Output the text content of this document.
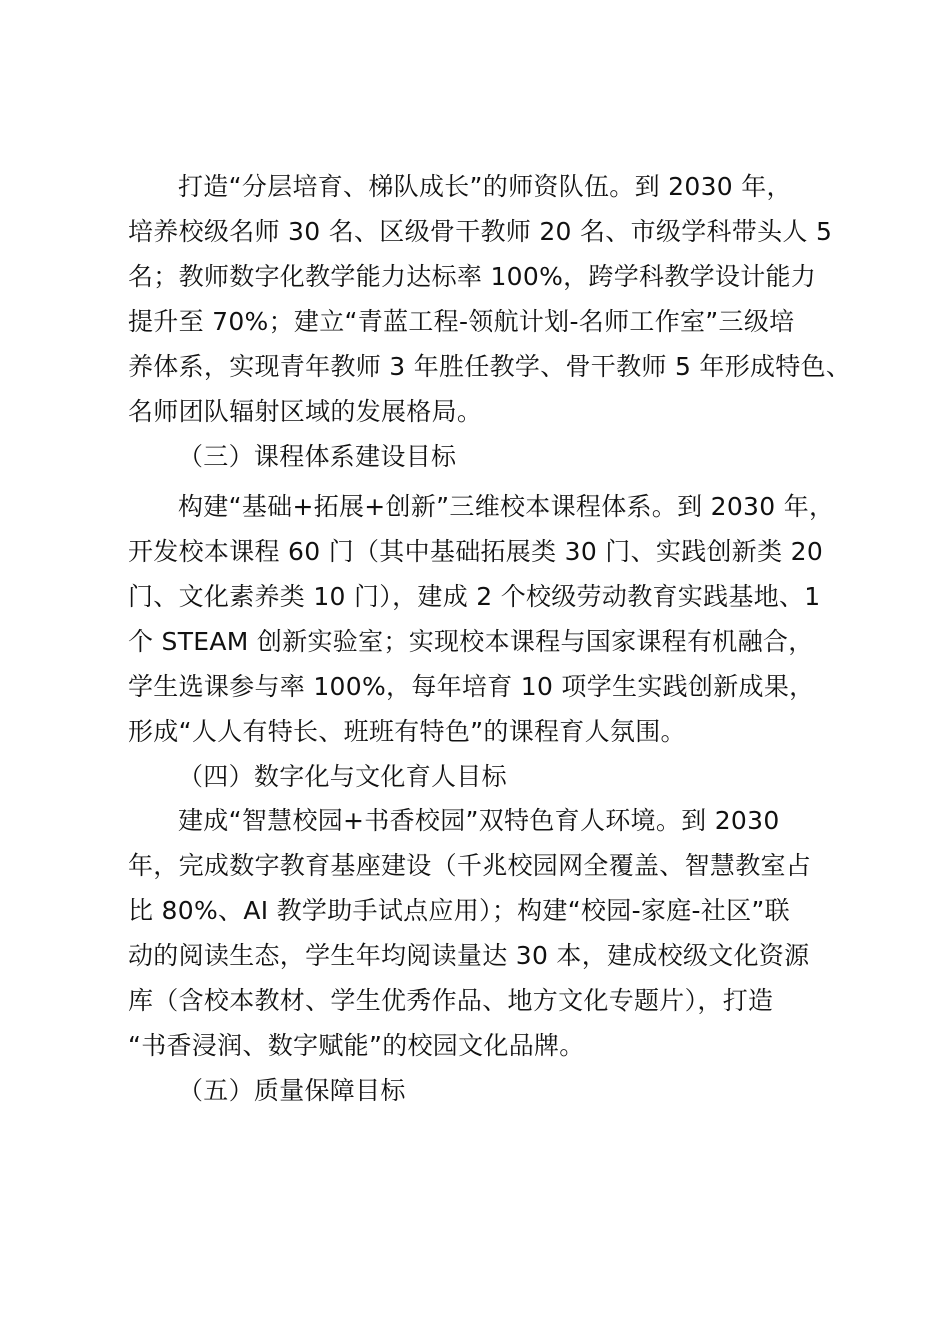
打造“分层培育、梯队成长”的师资队伍。到 2030 年，
培养校级名师 30 名、区级骨干教师 20 名、市级学科带头人 5
名；教师数字化教学能力达标率 100%，跨学科教学设计能力
提升至 70%；建立“青蓝工程-领航计划-名师工作室”三级培
养体系，实现青年教师 3 年胜任教学、骨干教师 5 年形成特色、
名师团队辐射区域的发展格局。
（三）课程体系建设目标
构建“基础+拓展+创新”三维校本课程体系。到 2030 年，
开发校本课程 60 门（其中基础拓展类 30 门、实践创新类 20
门、文化素养类 10 门），建成 2 个校级劳动教育实践基地、1
个 STEAM 创新实验室；实现校本课程与国家课程有机融合，
学生选课参与率 100%，每年培育 10 项学生实践创新成果，
形成“人人有特长、班班有特色”的课程育人氛围。
（四）数字化与文化育人目标
建成“智慧校园+书香校园”双特色育人环境。到 2030
年，完成数字教育基座建设（千兆校园网全覆盖、智慧教室占
比 80%、AI 教学助手试点应用）；构建“校园-家庭-社区”联
动的阅读生态，学生年均阅读量达 30 本，建成校级文化资源
库（含校本教材、学生优秀作品、地方文化专题片），打造
“书香浸润、数字赋能”的校园文化品牌。
（五）质量保障目标
